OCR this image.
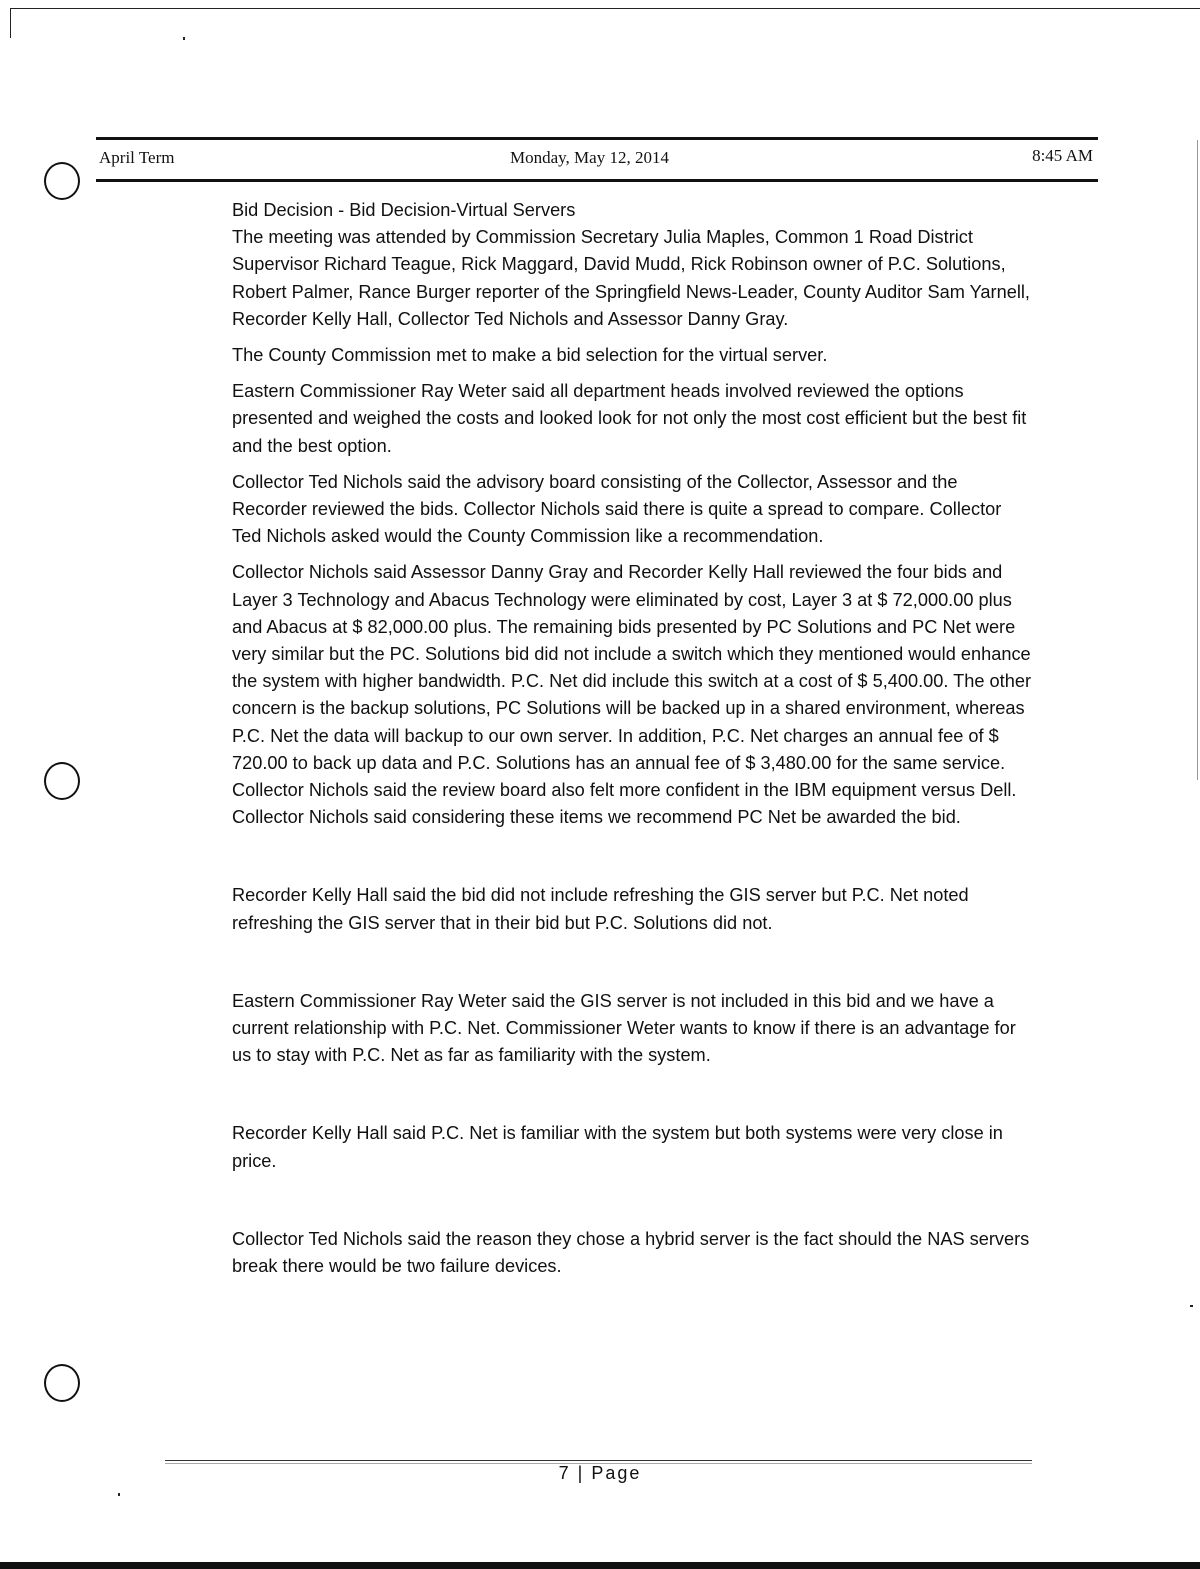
April Term	Monday, May 12, 2014	8:45 AM

Bid Decision - Bid Decision-Virtual Servers

The meeting was attended by Commission Secretary Julia Maples, Common 1 Road District Supervisor Richard Teague, Rick Maggard, David Mudd, Rick Robinson owner of P.C. Solutions, Robert Palmer, Rance Burger reporter of the Springfield News-Leader, County Auditor Sam Yarnell, Recorder Kelly Hall, Collector Ted Nichols and Assessor Danny Gray.

The County Commission met to make a bid selection for the virtual server.

Eastern Commissioner Ray Weter said all department heads involved reviewed the options presented and weighed the costs and looked look for not only the most cost efficient but the best fit and the best option.

Collector Ted Nichols said the advisory board consisting of the Collector, Assessor and the Recorder reviewed the bids. Collector Nichols said there is quite a spread to compare. Collector Ted Nichols asked would the County Commission like a recommendation.

Collector Nichols said Assessor Danny Gray and Recorder Kelly Hall reviewed the four bids and Layer 3 Technology and Abacus Technology were eliminated by cost, Layer 3 at $ 72,000.00 plus and Abacus at $ 82,000.00 plus. The remaining bids presented by PC Solutions and PC Net were very similar but the PC. Solutions bid did not include a switch which they mentioned would enhance the system with higher bandwidth. P.C. Net did include this switch at a cost of $ 5,400.00. The other concern is the backup solutions, PC Solutions will be backed up in a shared environment, whereas P.C. Net the data will backup to our own server. In addition, P.C. Net charges an annual fee of $ 720.00 to back up data and P.C. Solutions has an annual fee of $ 3,480.00 for the same service. Collector Nichols said the review board also felt more confident in the IBM equipment versus Dell. Collector Nichols said considering these items we recommend PC Net be awarded the bid.

Recorder Kelly Hall said the bid did not include refreshing the GIS server but P.C. Net noted refreshing the GIS server that in their bid but P.C. Solutions did not.

Eastern Commissioner Ray Weter said the GIS server is not included in this bid and we have a current relationship with P.C. Net. Commissioner Weter wants to know if there is an advantage for us to stay with P.C. Net as far as familiarity with the system.

Recorder Kelly Hall said P.C. Net is familiar with the system but both systems were very close in price.

Collector Ted Nichols said the reason they chose a hybrid server is the fact should the NAS servers break there would be two failure devices.

7 | Page
